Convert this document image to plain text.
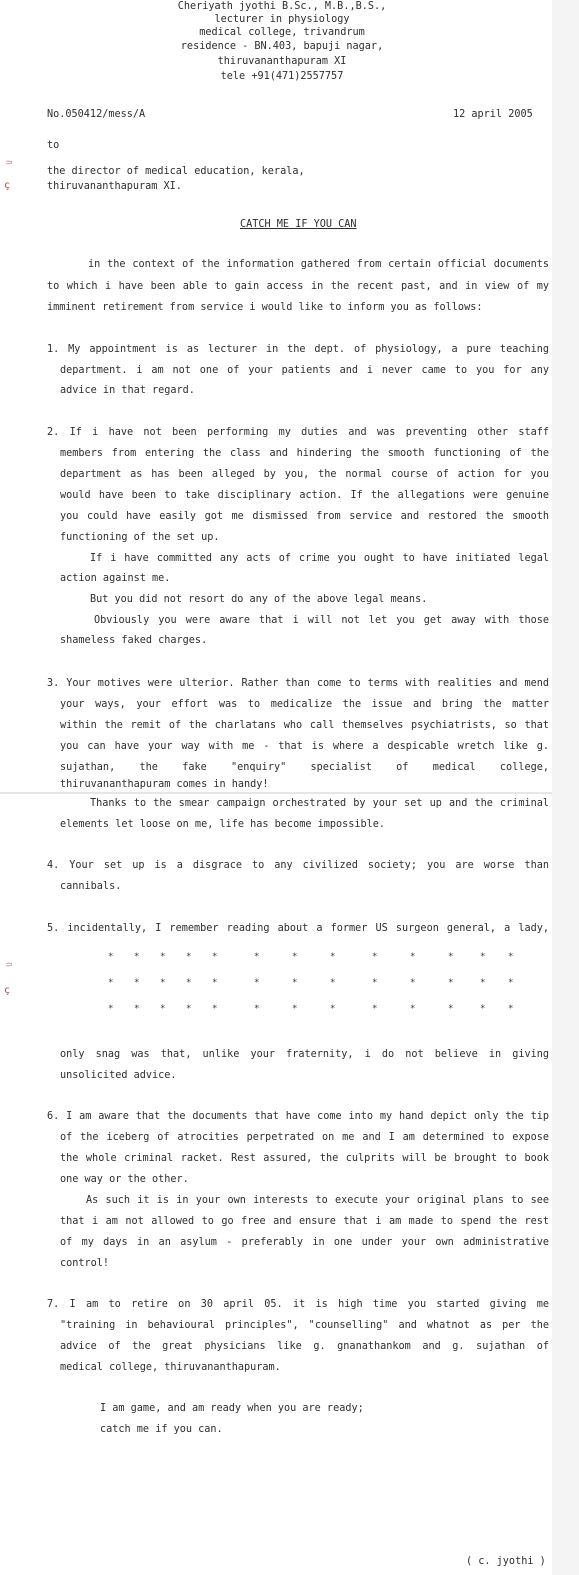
Cheriyath jyothi B.Sc., M.B.,B.S.,
lecturer in physiology
medical college, trivandrum
residence - BN.403, bapuji nagar,
thiruvananthapuram XI
tele +91(471)2557757
No.050412/mess/A	12 april 2005
to
the director of medical education, kerala,
thiruvananthapuram XI.
CATCH ME IF YOU CAN
in the context of the information gathered from certain official documents
to which i have been able to gain access in the recent past, and in view of my
imminent retirement from service i would like to inform you as follows:
1. My appointment is as lecturer in the dept. of physiology, a pure teaching
department. i am not one of your patients and i never came to you for any
advice in that regard.
2. If i have not been performing my duties and was preventing other staff
members from entering the class and hindering the smooth functioning of the
department as has been alleged by you, the normal course of action for you
would have been to take disciplinary action. If the allegations were genuine
you could have easily got me dismissed from service and restored the smooth
functioning of the set up.
If i have committed any acts of crime you ought to have initiated legal
action against me.
But you did not resort do any of the above legal means.
Obviously you were aware that i will not let you get away with those
shameless faked charges.
3. Your motives were ulterior. Rather than come to terms with realities and mend
your ways, your effort was to medicalize the issue and bring the matter
within the remit of the charlatans who call themselves psychiatrists, so that
you can have your way with me - that is where a despicable wretch like g.
sujathan, the fake "enquiry" specialist of medical college,
thiruvananthapuram comes in handy!
Thanks to the smear campaign orchestrated by your set up and the criminal
elements let loose on me, life has become impossible.
4. Your set up is a disgrace to any civilized society; you are worse than
cannibals.
5. incidentally, I remember reading about a former US surgeon general, a lady,
* * * * *	*	*	*	*	*	*	*	*
* * * * *	*	*	*	*	*	*	*	*
* * * * *	*	*	*	*	*	*	*	*
only snag was that, unlike your fraternity, i do not believe in giving
unsolicited advice.
6. I am aware that the documents that have come into my hand depict only the tip
of the iceberg of atrocities perpetrated on me and I am determined to expose
the whole criminal racket. Rest assured, the culprits will be brought to book
one way or the other.
As such it is in your own interests to execute your original plans to see
that i am not allowed to go free and ensure that i am made to spend the rest
of my days in an asylum - preferably in one under your own administrative
control!
7. I am to retire on 30 april 05. it is high time you started giving me
"training in behavioural principles", "counselling" and whatnot as per the
advice of the great physicians like g. gnanathankom and g. sujathan of
medical college, thiruvananthapuram.
I am game, and am ready when you are ready;
catch me if you can.
( c. jyothi )
⸧
ç
⸧
ç
